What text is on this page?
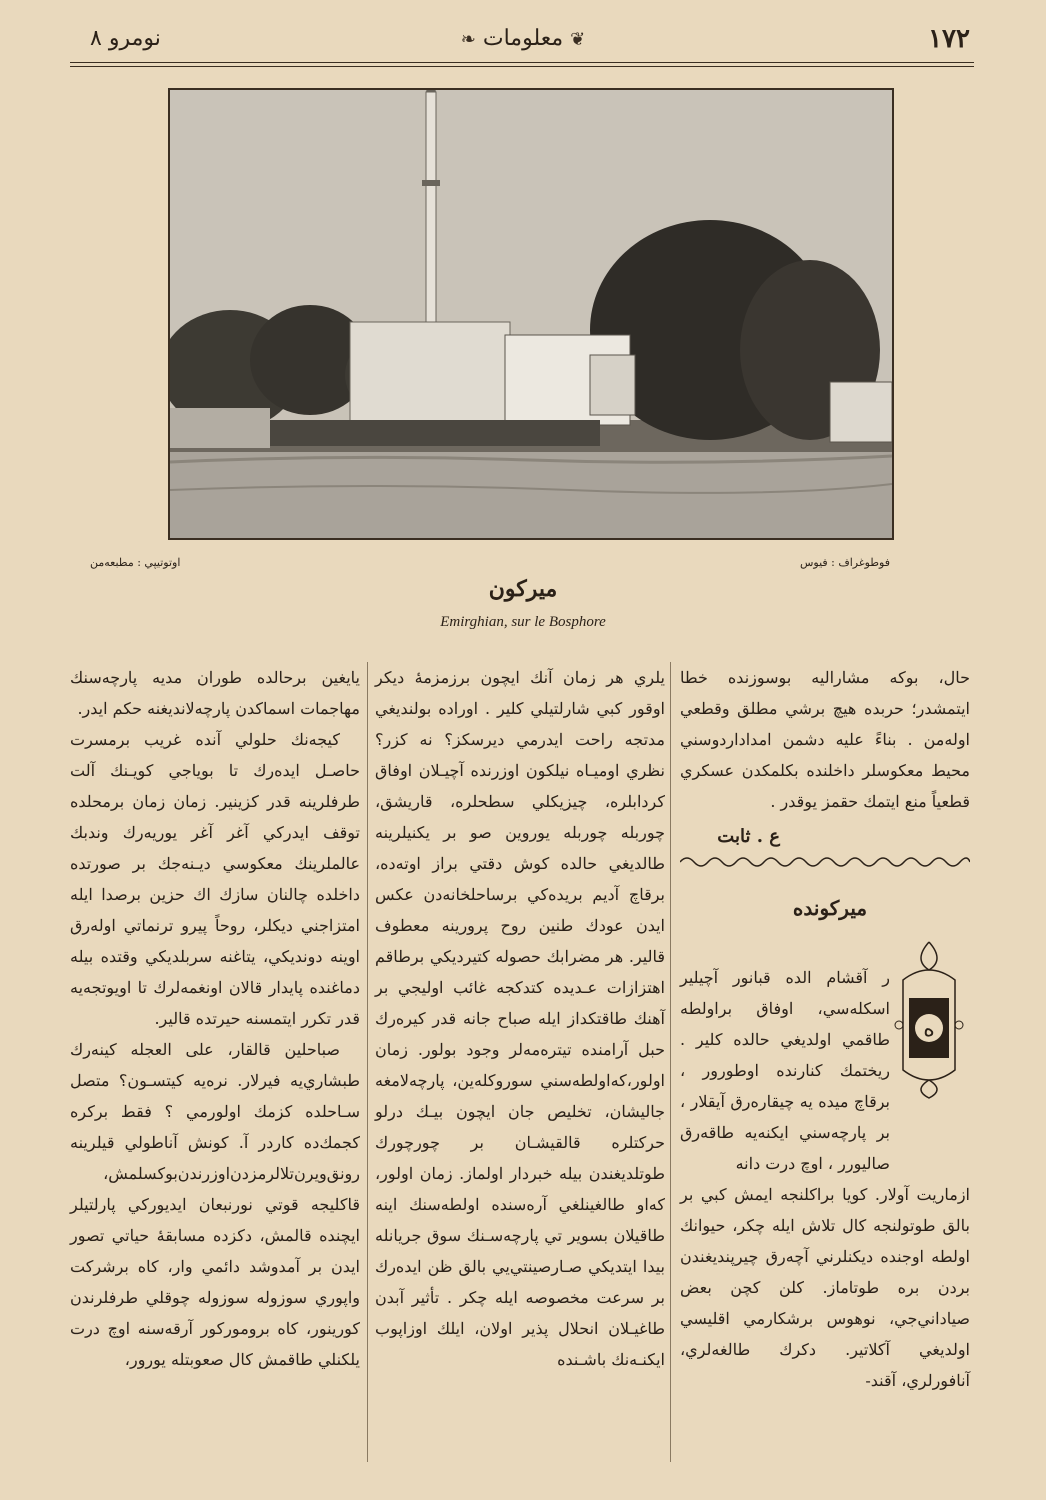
۱۷۲
❦ معلومات ❧
نومرو ۸
فوطوغراف : فيوس
اوتوتيپي : مطبعه‌من
ميركون
Emirghian, sur le Bosphore

حال، بوكه مشاراليه بوسوزنده خطا ايتمشدر؛ حربده هيچ برشي مطلق وقطعي اوله‌من . بناءً عليه دشمن امداداردوسني محيط معكوسلر داخلنده بكلمكدن عسكري قطعياً منع ايتمك حقمز يوقدر .

ع . ثابت
ميركونده
ه

ر آقشام الده قبانور آچيلير اسكله‌سي، اوفاق براولطه طاقمي اولديغي حالده كلير . ريختمك كنارنده اوطورور ، برقاچ ميده يه چيقاره‌رق آيقلار ، بر پارچه‌سني ايكنه‌يه طاقه‌رق صاليورر ، اوچ درت دانه

ازماريت آولار. كويا براكلنجه ايمش كبي بر بالق طوتولنجه كال تلاش ايله چكر، حيوانك اولطه اوجنده ديكنلرني آچه‌رق چيرپنديغندن بردن بره طوتاماز. كلن كچن بعض صياداني‌جي، نوهوس برشكارمي اقليسي اولديغي آكلاتير. دكرك طالغه‌لري، آنافورلري، آقند-

يلري هر زمان آنك ايچون برزمزمهٔ ديكر اوقور كبي شارلتيلي كلير . اوراده بولنديغي مدتجه راحت ايدرمي ديرسكز؟ نه كزر؟ نظري اوميـاه نيلكون اوزرنده آچيـلان اوفاق كردابلره، چيزيكلي سطحلره، قاريشق، چوربله چوربله يوروين صو بر يكنيلرينه طالديغي حالده كوش دقتي براز اوته‌ده، برقاچ آدیم بريده‌كي برساحلخانه‌دن عكس ايدن عودك طنين روح پرورينه معطوف قالير. هر مضرابك حصوله كتيرديكي برطاقم اهتزازات عـديده كتدكجه غائب اوليجي بر آهنك طاقتكداز ايله صباح جانه قدر كيره‌رك حبل آرامنده تيتره‌مه‌لر وجود بولور. زمان اولور،كه‌اولطه‌سني سوروكله‌ين، پارچه‌لامغه جاليشان، تخليص جان ايچون بيـك درلو حركتلره قالقيشـان بر چورچورك طوتلديغندن بيله خبردار اولماز. زمان اولور، كه‌او طالغينلغي آره‌سنده اولطه‌سنك اينه طاقيلان بسوير تي پارچه‌سـنك سوق جريانله بيدا ايتديكي صـارصينتي‌يي بالق ظن ايده‌رك بر سرعت مخصوصه ايله چكر . تأثير آبدن طاغيـلان انحلال پذير اولان، ايلك اوزاپوب ايكنـه‌نك باشـنده

يايغين برحالده طوران مديه پارچه‌سنك مهاجمات اسماكدن پارچه‌لانديغنه حكم ايدر.

كيجه‌نك حلولي آنده غريب برمسرت حاصـل ايده‌رك تا بوياجي كويـنك آلت طرفلرينه قدر كزينير. زمان زمان برمحلده توقف ايدركي آغر آغر يوريه‌رك وندبك عالملرينك معكوسي ديـنه‌جك بر صورتده داخلده چالنان سازك اك حزين برصدا ايله امتزاجني ديكلر، روحاً پيرو ترنماتي اوله‌رق اوينه دونديكي، يتاغنه سربلديكي وقتده بيله دماغنده پايدار قالان اونغمه‌لرك تا اويوتجه‌يه قدر تكرر ايتمسنه حيرتده قالير.

صباحلين قالقار، على العجله كينه‌رك طبشاري‌يه فيرلار. نره‌يه كيتسـون؟ متصل سـاحلده كزمك اولورمي ؟ فقط بركره كجمك‌ده كاردر آ. كونش آناطولي قيلرينه رونق‌ويرن‌تلالرمزدن‌اوزرندن‌بوكسلمش، قاكليجه قوتي نورنبعان ايديوركي پارلتيلر ايچنده قالمش، دكزده مسابقهٔ حياتي تصور ايدن بر آمدوشد دائمي وار، كاه برشركت واپوري سوزوله سوزوله چوقلي طرفلرندن كورينور، كاه بروموركور آرقه‌سنه اوچ درت يلكنلي طاقمش كال صعوبتله يورور،
